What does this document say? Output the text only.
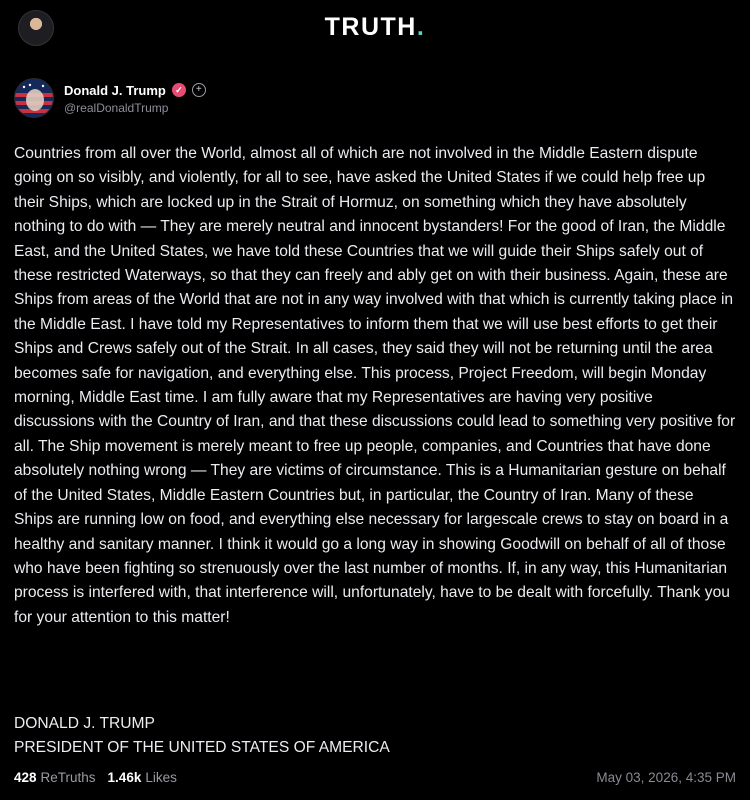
TRUTH.
Donald J. Trump	✓	+
@realDonaldTrump

Countries from all over the World, almost all of which are not involved in the Middle Eastern dispute going on so visibly, and violently, for all to see, have asked the United States if we could help free up their Ships, which are locked up in the Strait of Hormuz, on something which they have absolutely nothing to do with — They are merely neutral and innocent bystanders! For the good of Iran, the Middle East, and the United States, we have told these Countries that we will guide their Ships safely out of these restricted Waterways, so that they can freely and ably get on with their business. Again, these are Ships from areas of the World that are not in any way involved with that which is currently taking place in the Middle East. I have told my Representatives to inform them that we will use best efforts to get their Ships and Crews safely out of the Strait. In all cases, they said they will not be returning until the area becomes safe for navigation, and everything else. This process, Project Freedom, will begin Monday morning, Middle East time. I am fully aware that my Representatives are having very positive discussions with the Country of Iran, and that these discussions could lead to something very positive for all. The Ship movement is merely meant to free up people, companies, and Countries that have done absolutely nothing wrong — They are victims of circumstance. This is a Humanitarian gesture on behalf of the United States, Middle Eastern Countries but, in particular, the Country of Iran. Many of these Ships are running low on food, and everything else necessary for largescale crews to stay on board in a healthy and sanitary manner. I think it would go a long way in showing Goodwill on behalf of all of those who have been fighting so strenuously over the last number of months. If, in any way, this Humanitarian process is interfered with, that interference will, unfortunately, have to be dealt with forcefully. Thank you for your attention to this matter!

DONALD J. TRUMP
PRESIDENT OF THE UNITED STATES OF AMERICA
428 ReTruths 1.46k Likes	May 03, 2026, 4:35 PM
